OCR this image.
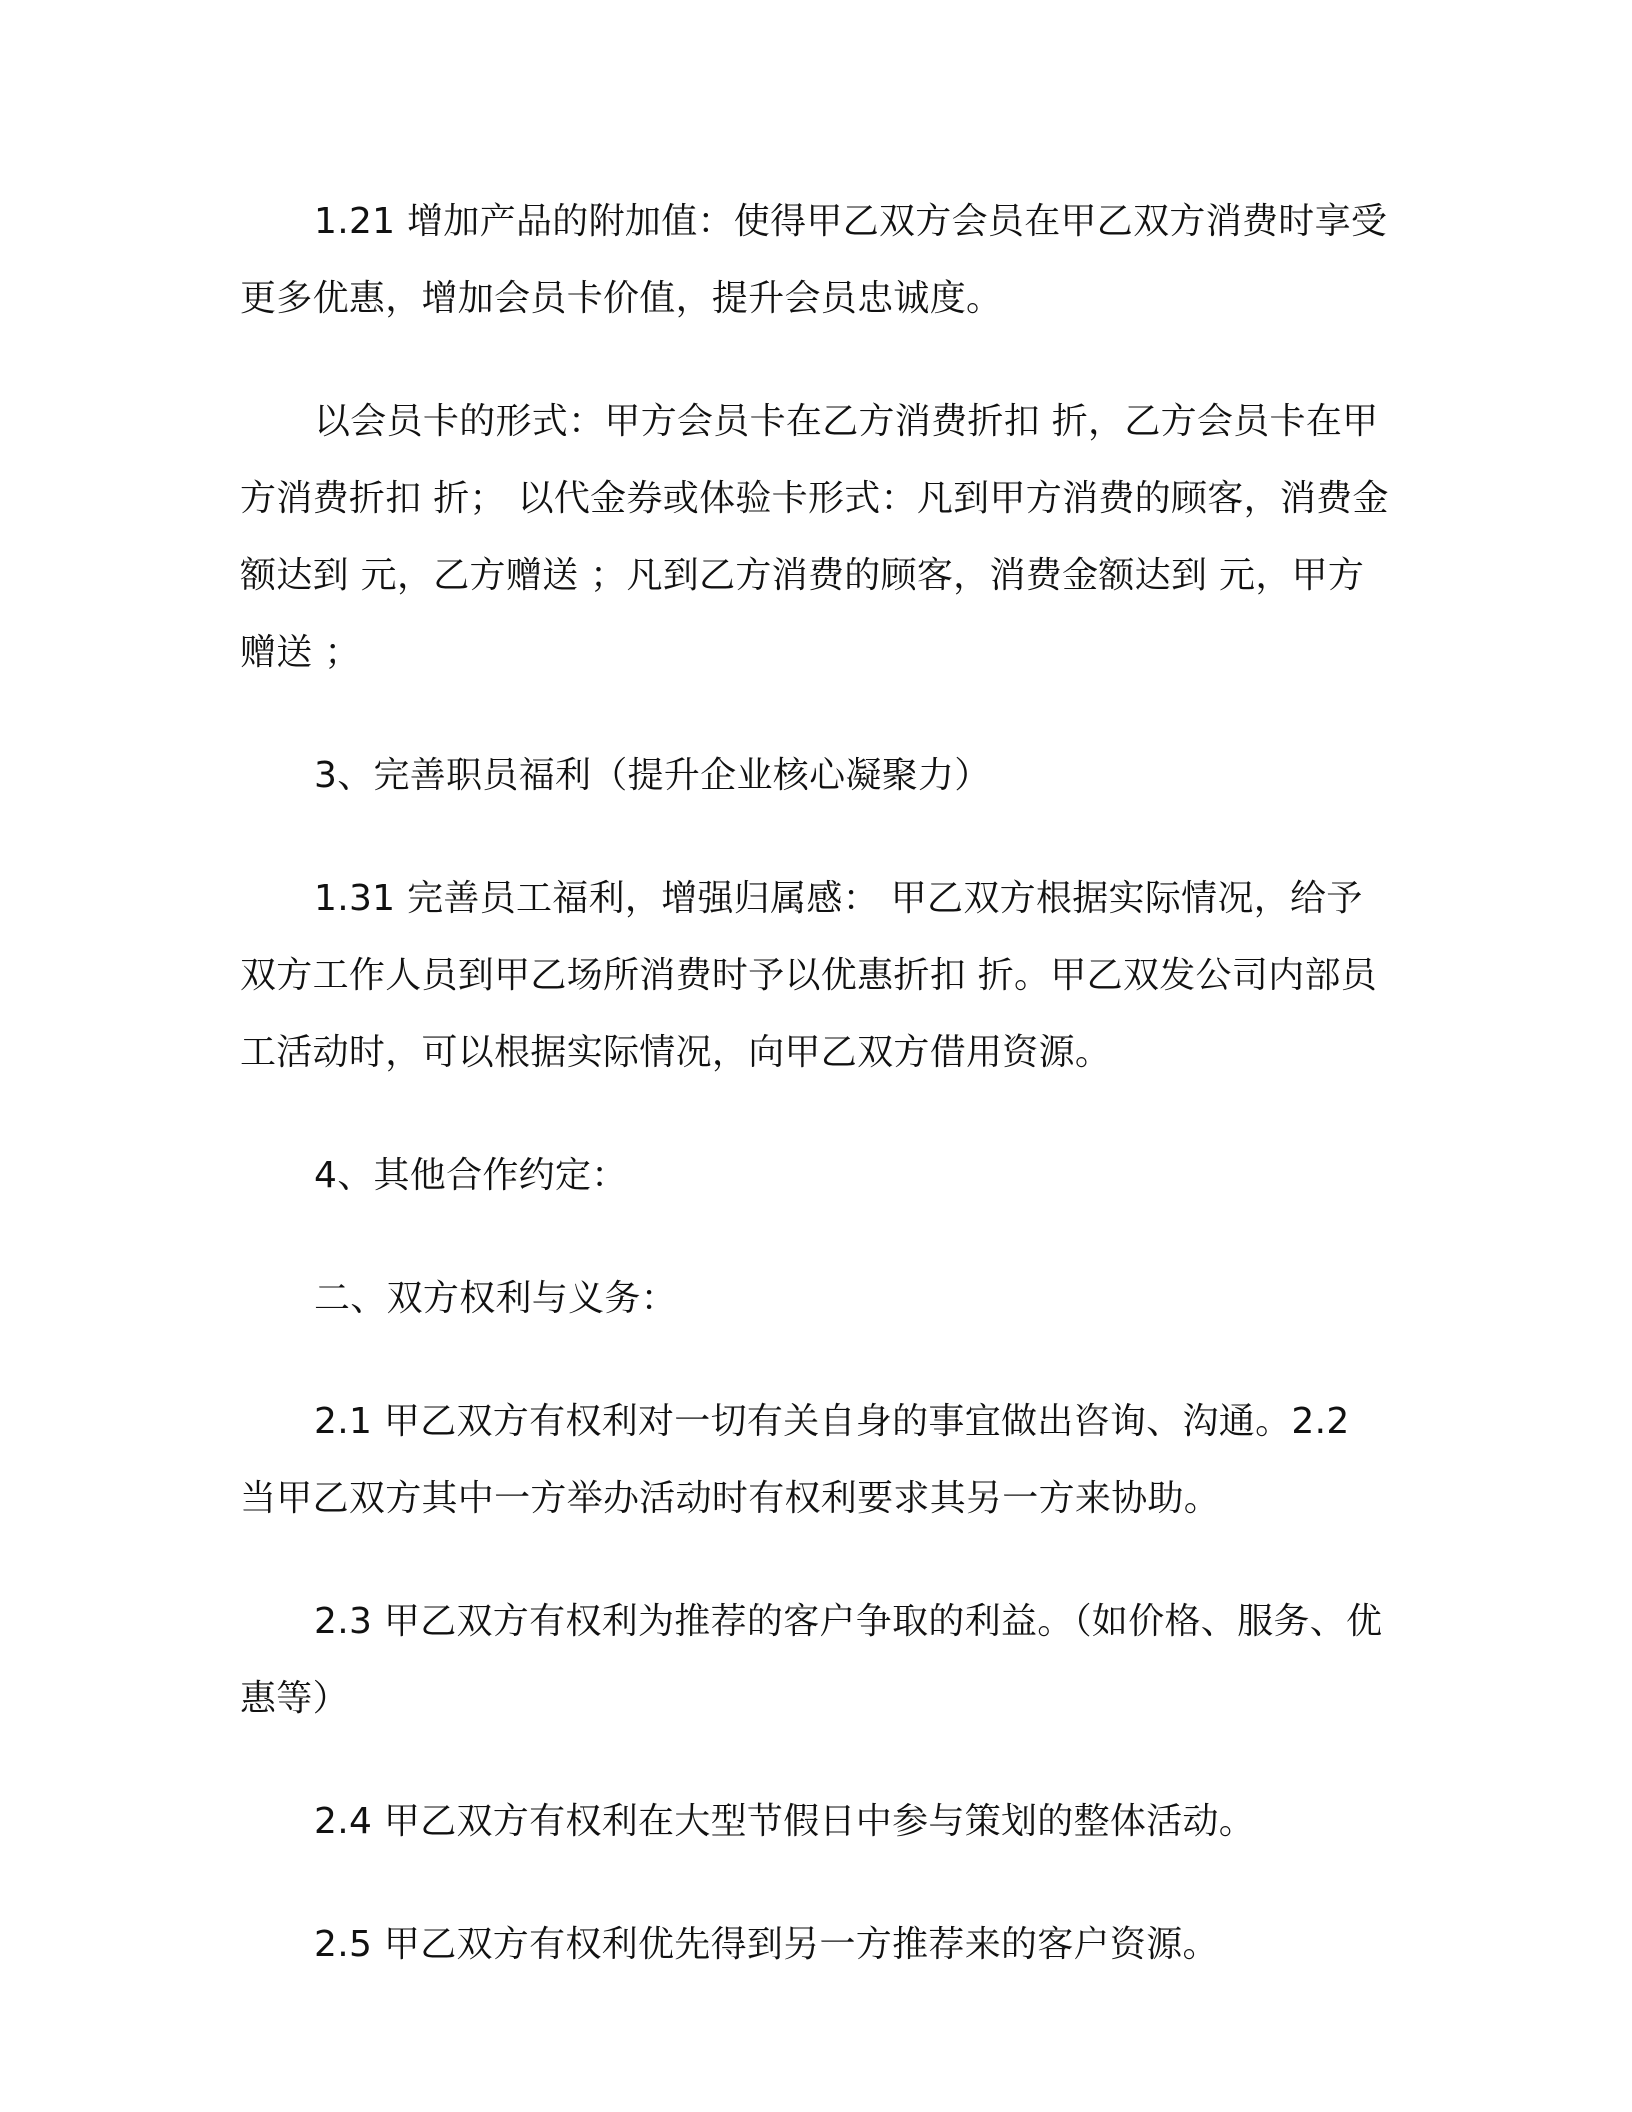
1.21 增加产品的附加值：使得甲乙双方会员在甲乙双方消费时享受更多优惠，增加会员卡价值，提升会员忠诚度。

以会员卡的形式：甲方会员卡在乙方消费折扣 折，乙方会员卡在甲方消费折扣 折； 以代金券或体验卡形式：凡到甲方消费的顾客，消费金额达到 元，乙方赠送 ；凡到乙方消费的顾客，消费金额达到 元，甲方赠送 ；

3、完善职员福利（提升企业核心凝聚力）

1.31 完善员工福利，增强归属感： 甲乙双方根据实际情况，给予双方工作人员到甲乙场所消费时予以优惠折扣 折。甲乙双发公司内部员工活动时，可以根据实际情况，向甲乙双方借用资源。

4、其他合作约定：

二、双方权利与义务：

2.1 甲乙双方有权利对一切有关自身的事宜做出咨询、沟通。2.2 当甲乙双方其中一方举办活动时有权利要求其另一方来协助。

2.3 甲乙双方有权利为推荐的客户争取的利益。（如价格、服务、优惠等）

2.4 甲乙双方有权利在大型节假日中参与策划的整体活动。

2.5 甲乙双方有权利优先得到另一方推荐来的客户资源。
